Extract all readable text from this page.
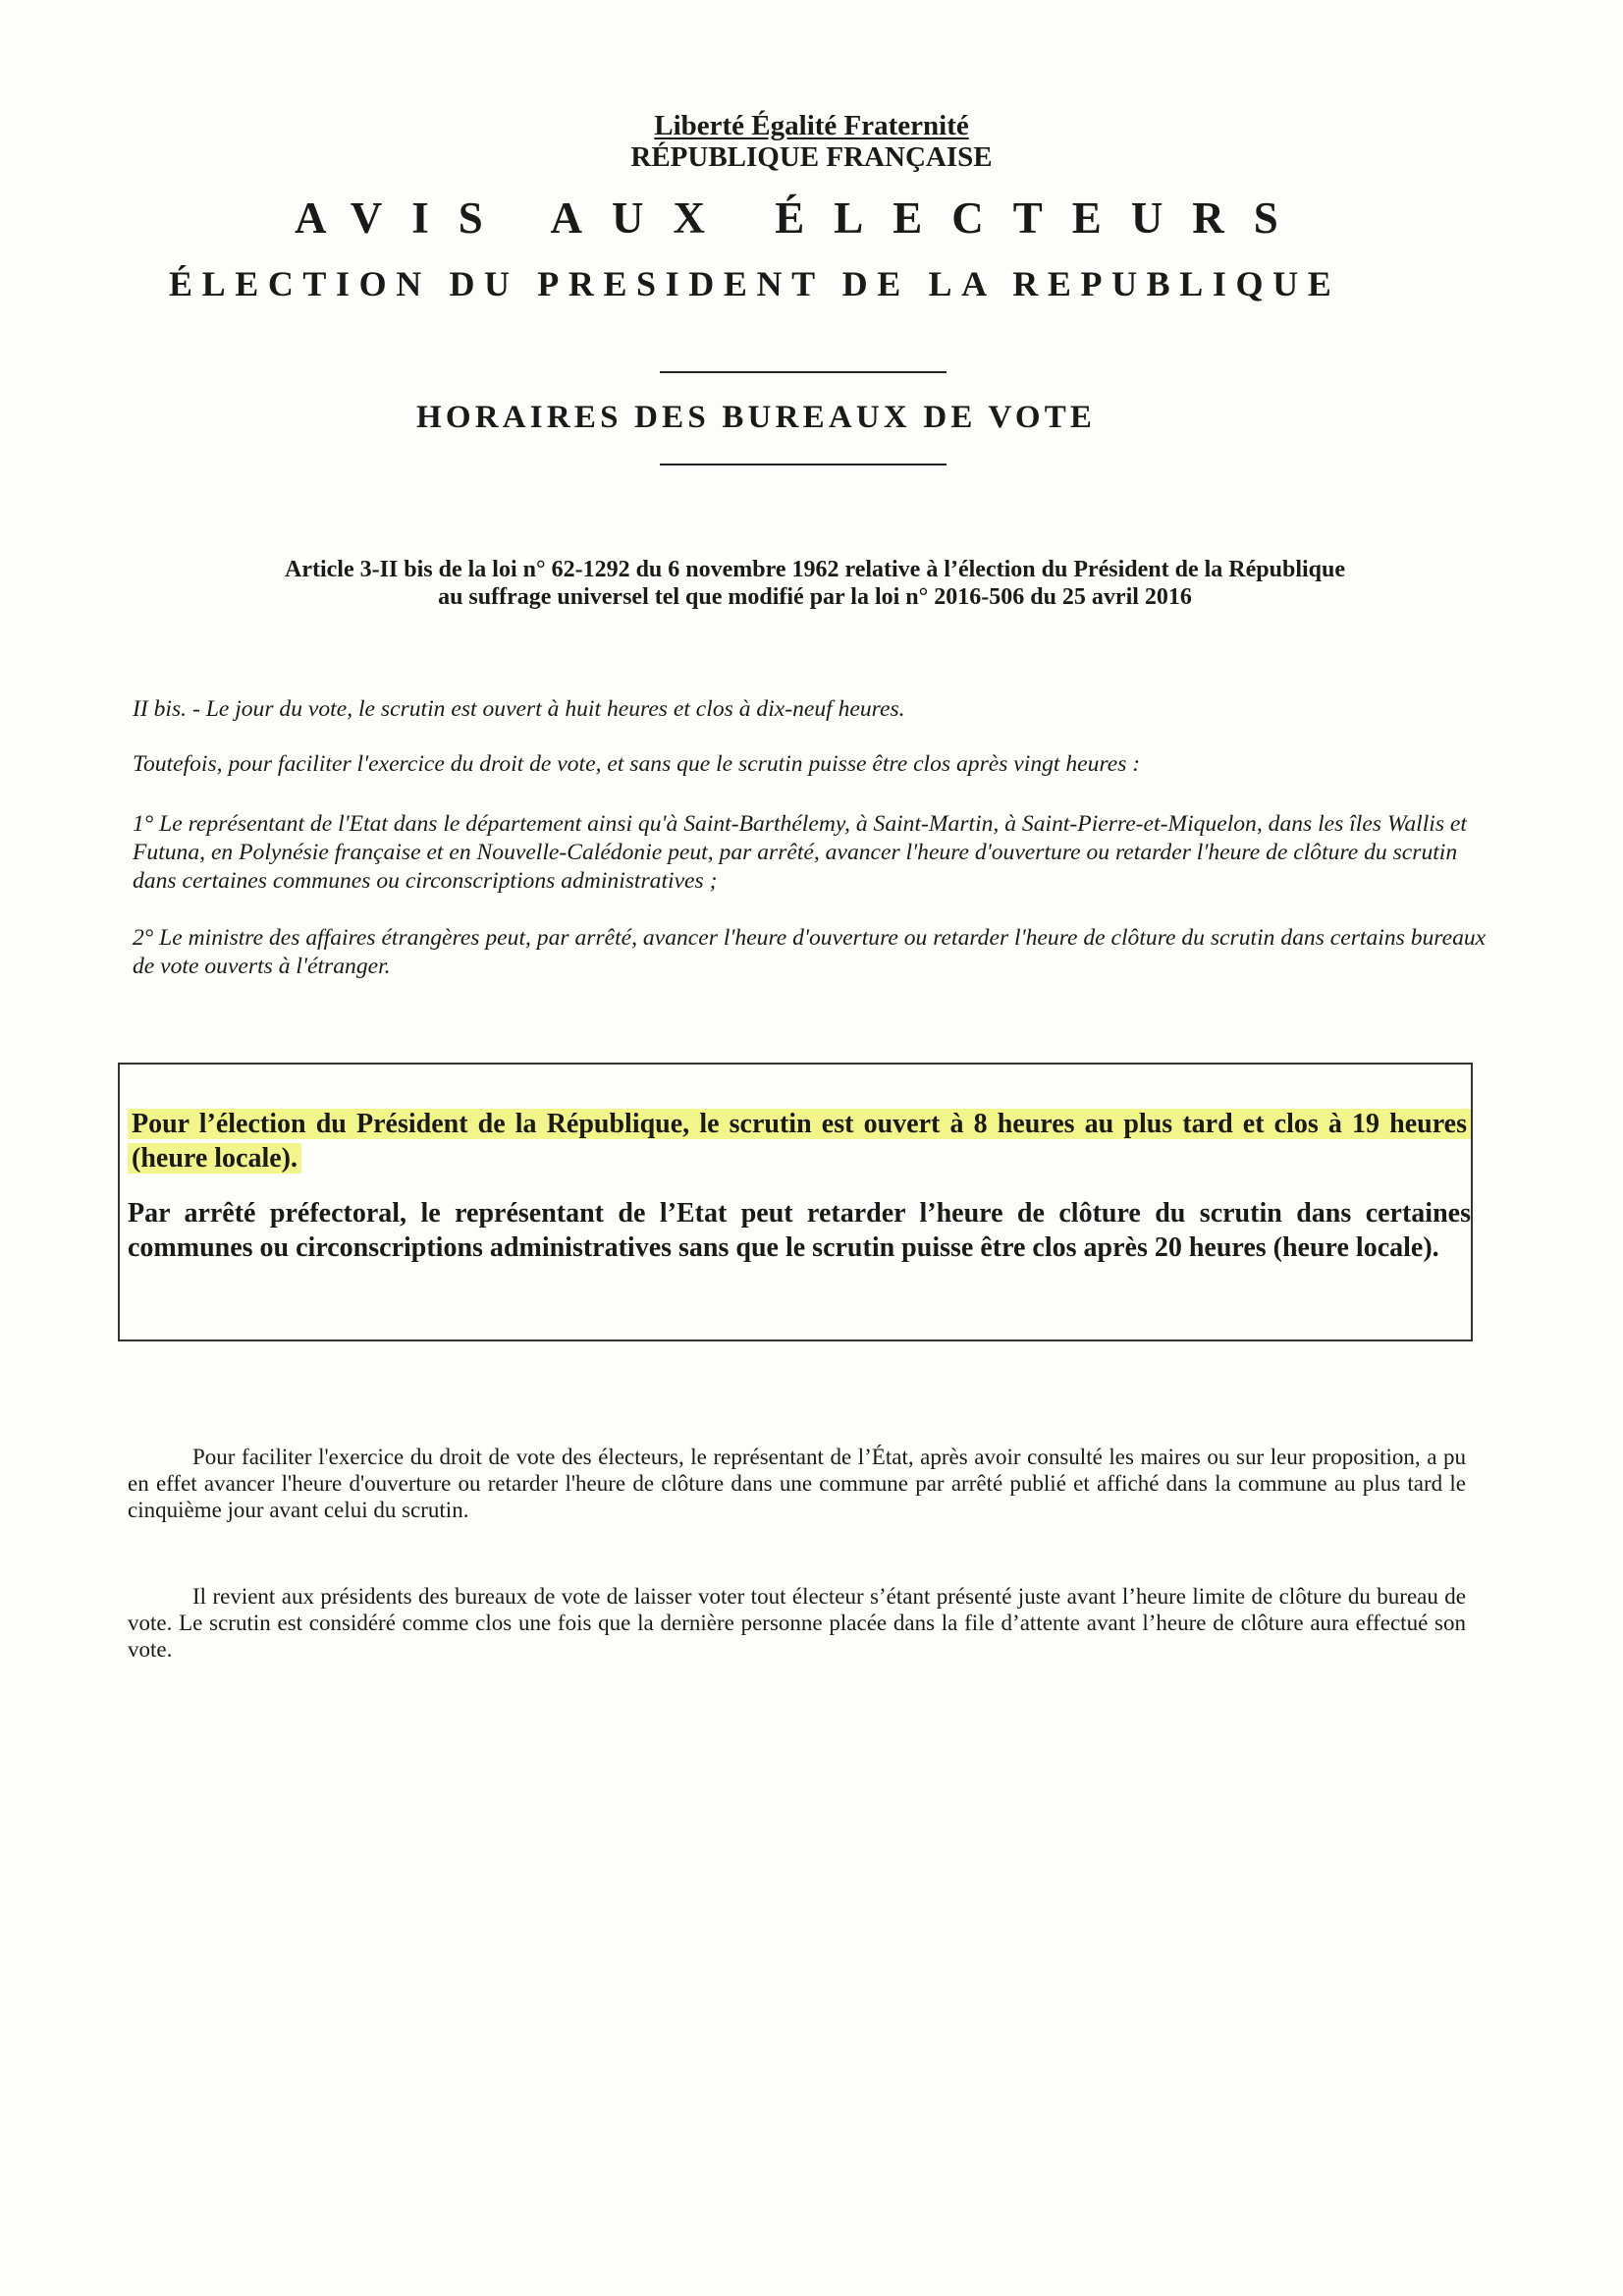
Liberté Égalité Fraternité
RÉPUBLIQUE FRANÇAISE
AVIS AUX ÉLECTEURS
ÉLECTION DU PRESIDENT DE LA REPUBLIQUE
HORAIRES DES BUREAUX DE VOTE
Article 3-II bis de la loi n° 62-1292 du 6 novembre 1962 relative à l’élection du Président de la République
au suffrage universel tel que modifié par la loi n° 2016-506 du 25 avril 2016
II bis. - Le jour du vote, le scrutin est ouvert à huit heures et clos à dix-neuf heures.
Toutefois, pour faciliter l'exercice du droit de vote, et sans que le scrutin puisse être clos après vingt heures :
1° Le représentant de l'Etat dans le département ainsi qu'à Saint-Barthélemy, à Saint-Martin, à Saint-Pierre-et-Miquelon, dans les îles Wallis et Futuna, en Polynésie française et en Nouvelle-Calédonie peut, par arrêté, avancer l'heure d'ouverture ou retarder l'heure de clôture du scrutin dans certaines communes ou circonscriptions administratives ;
2° Le ministre des affaires étrangères peut, par arrêté, avancer l'heure d'ouverture ou retarder l'heure de clôture du scrutin dans certains bureaux de vote ouverts à l'étranger.
Pour l’élection du Président de la République, le scrutin est ouvert à 8 heures au plus tard et clos à 19 heures (heure locale).
Par arrêté préfectoral, le représentant de l’Etat peut retarder l’heure de clôture du scrutin dans certaines communes ou circonscriptions administratives sans que le scrutin puisse être clos après 20 heures (heure locale).
Pour faciliter l'exercice du droit de vote des électeurs, le représentant de l’État, après avoir consulté les maires ou sur leur proposition, a pu en effet avancer l'heure d'ouverture ou retarder l'heure de clôture dans une commune par arrêté publié et affiché dans la commune au plus tard le cinquième jour avant celui du scrutin.
Il revient aux présidents des bureaux de vote de laisser voter tout électeur s’étant présenté juste avant l’heure limite de clôture du bureau de vote. Le scrutin est considéré comme clos une fois que la dernière personne placée dans la file d’attente avant l’heure de clôture aura effectué son vote.
